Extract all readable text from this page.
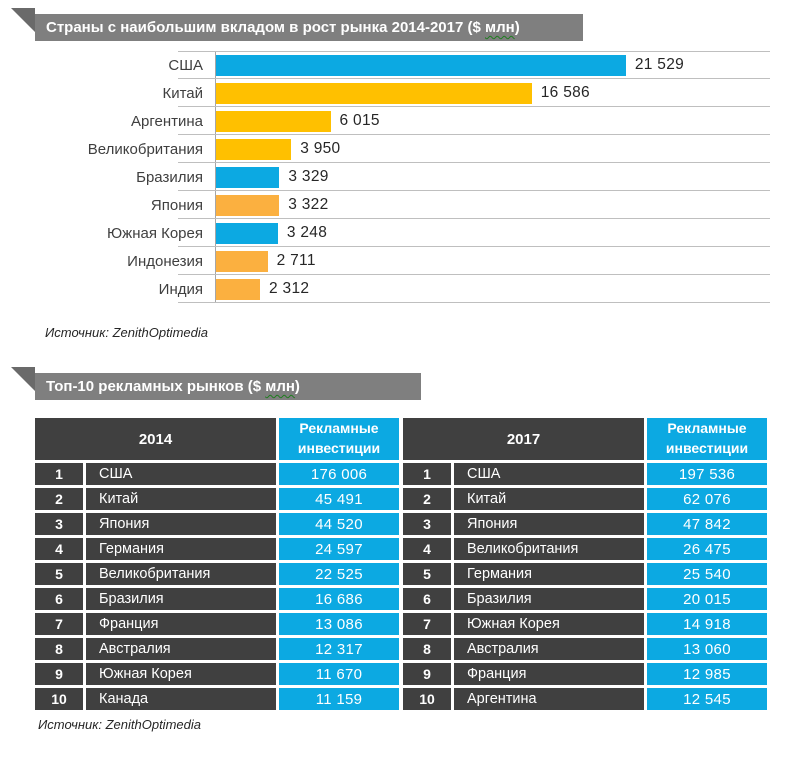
Страны с наибольшим вкладом в рост рынка 2014-2017 ($ млн)
США	21 529
Китай	16 586
Аргентина	6 015
Великобритания	3 950
Бразилия	3 329
Япония	3 322
Южная Корея	3 248
Индонезия	2 711
Индия	2 312
Источник: ZenithOptimedia
Топ-10 рекламных рынков ($ млн)
2014
Рекламные инвестиции
1	США	176 006
2	Китай	45 491
3	Япония	44 520
4	Германия	24 597
5	Великобритания	22 525
6	Бразилия	16 686
7	Франция	13 086
8	Австралия	12 317
9	Южная Корея	11 670
10	Канада	11 159
2017
Рекламные инвестиции
1	США	197 536
2	Китай	62 076
3	Япония	47 842
4	Великобритания	26 475
5	Германия	25 540
6	Бразилия	20 015
7	Южная Корея	14 918
8	Австралия	13 060
9	Франция	12 985
10	Аргентина	12 545
Источник: ZenithOptimedia
